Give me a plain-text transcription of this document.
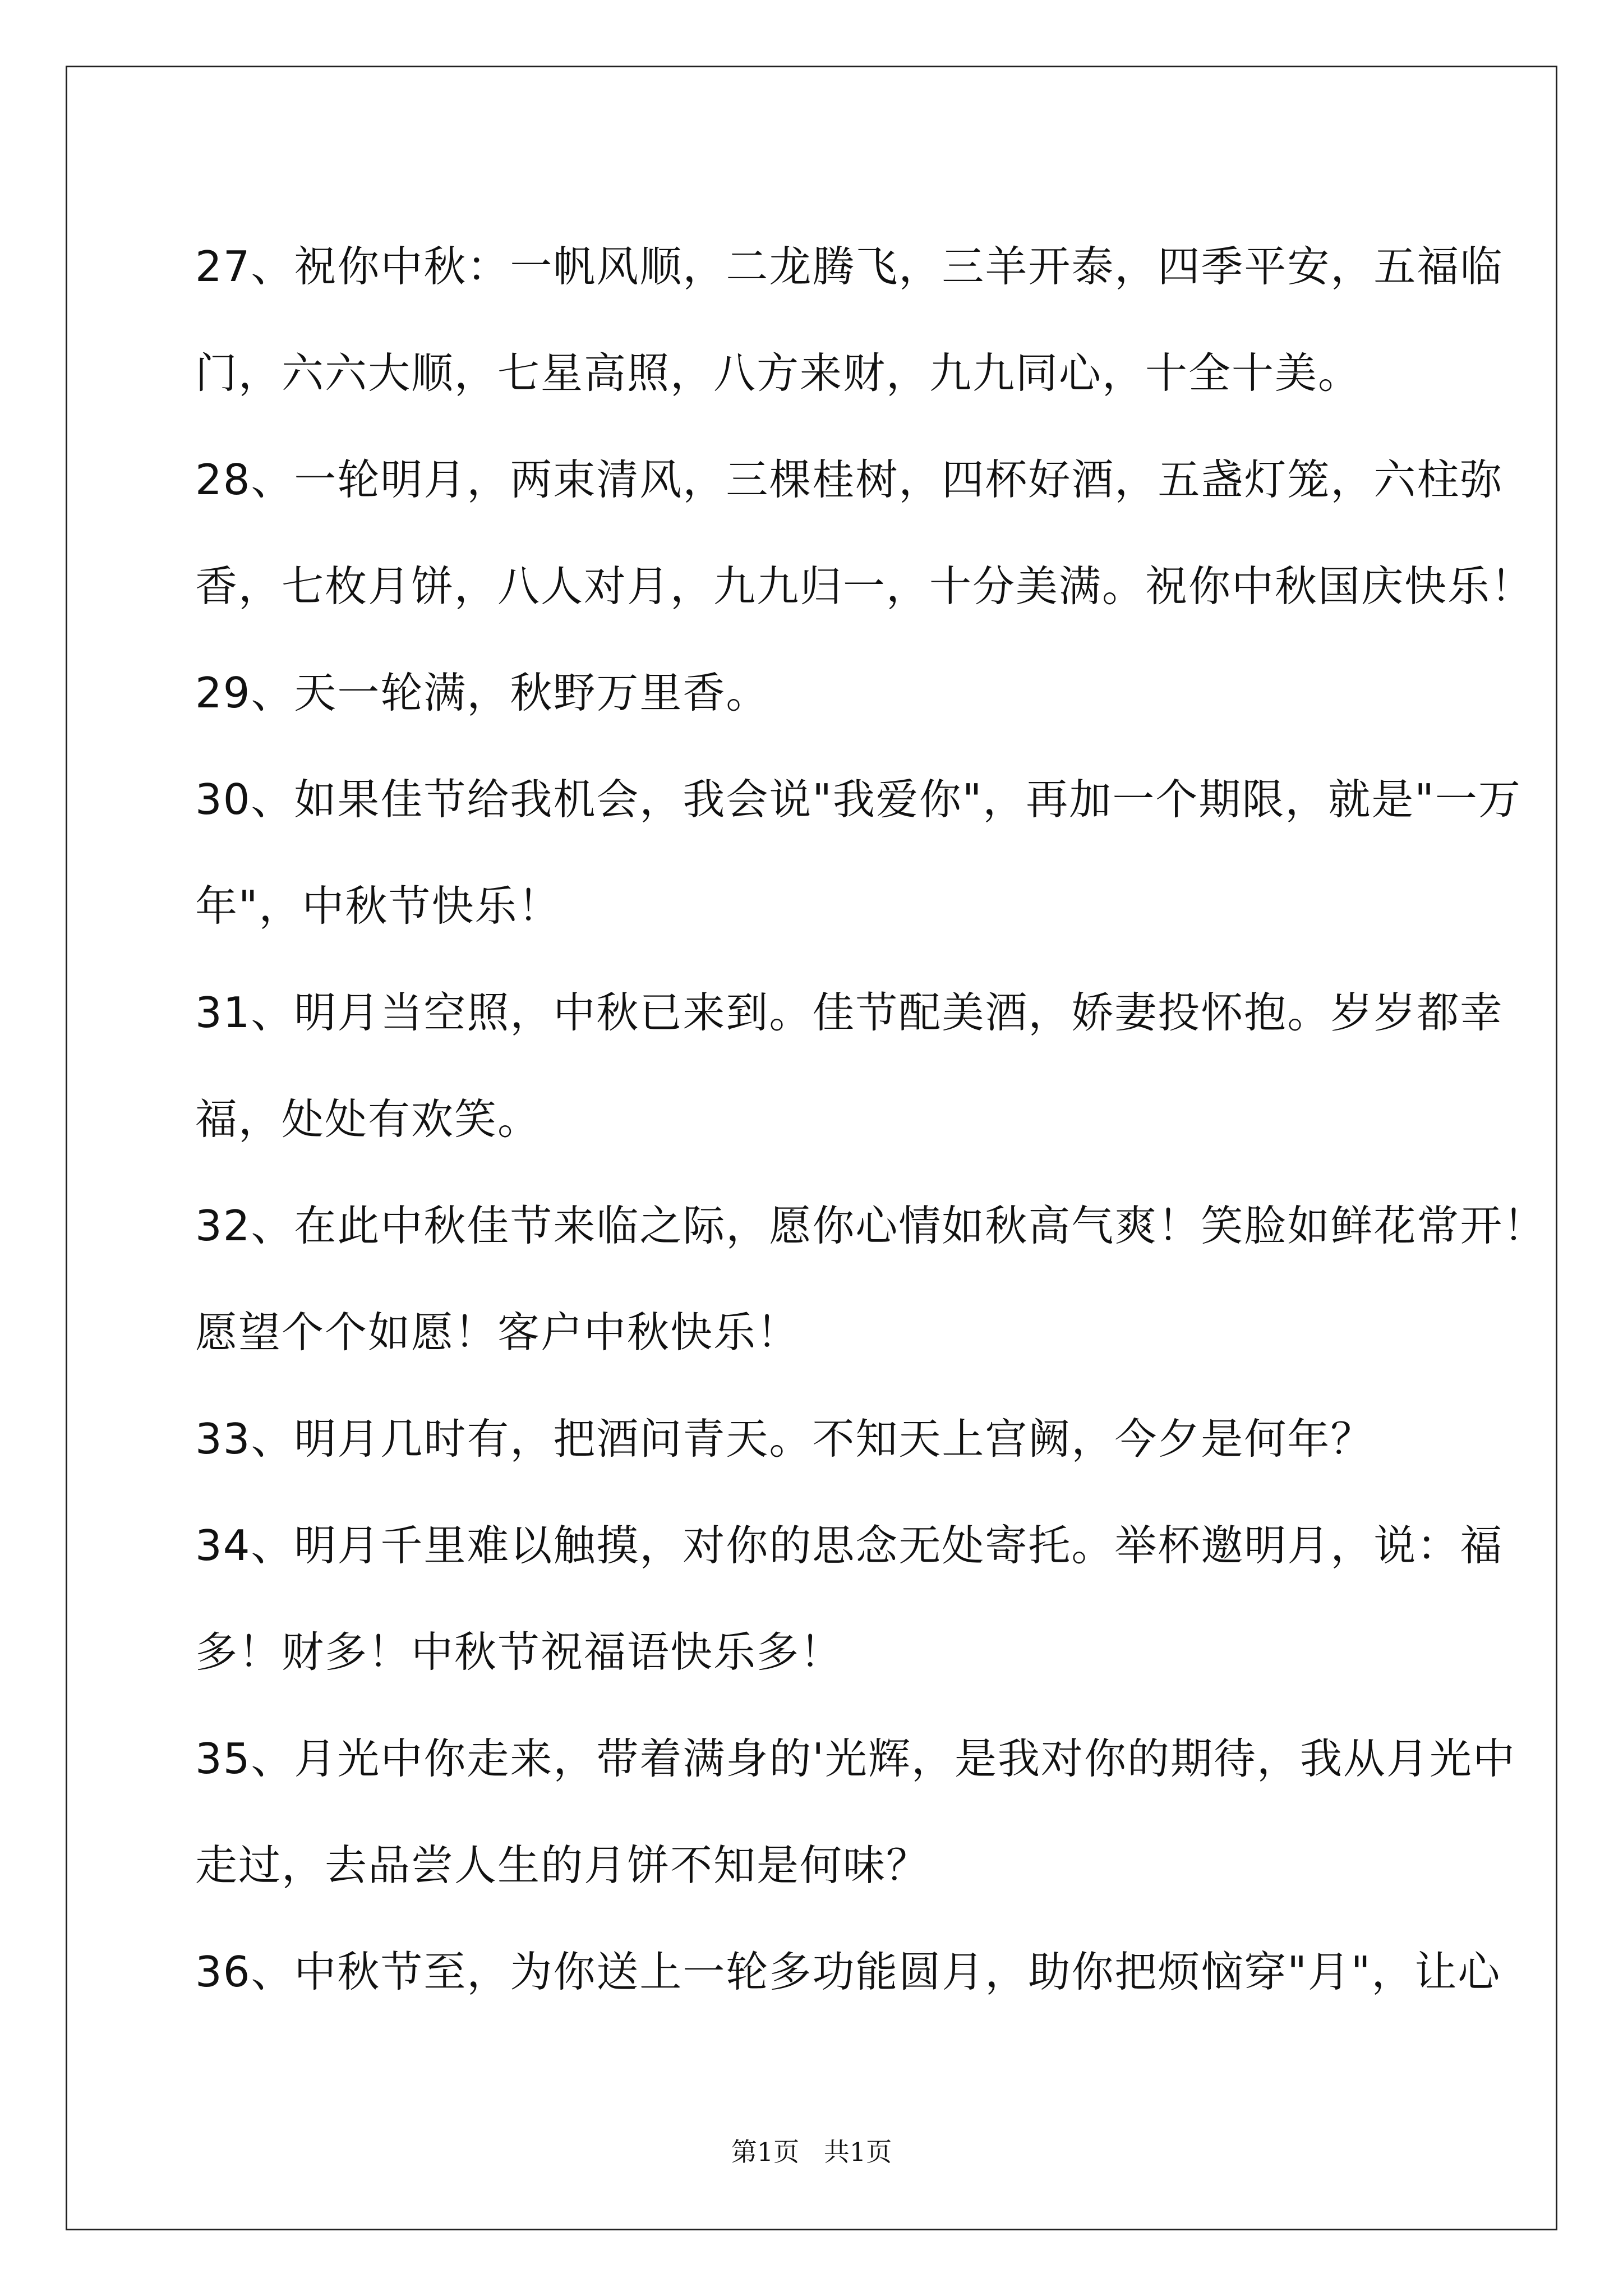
27、祝你中秋：一帆风顺，二龙腾飞，三羊开泰，四季平安，五福临
门，六六大顺，七星高照，八方来财，九九同心，十全十美。
28、一轮明月，两束清风，三棵桂树，四杯好酒，五盏灯笼，六柱弥
香，七枚月饼，八人对月，九九归一，十分美满。祝你中秋国庆快乐！
29、天一轮满，秋野万里香。
30、如果佳节给我机会，我会说"我爱你"，再加一个期限，就是"一万
年"，中秋节快乐！
31、明月当空照，中秋已来到。佳节配美酒，娇妻投怀抱。岁岁都幸
福，处处有欢笑。
32、在此中秋佳节来临之际，愿你心情如秋高气爽！笑脸如鲜花常开！
愿望个个如愿！客户中秋快乐！
33、明月几时有，把酒问青天。不知天上宫阙，今夕是何年？
34、明月千里难以触摸，对你的思念无处寄托。举杯邀明月，说：福
多！财多！中秋节祝福语快乐多！
35、月光中你走来，带着满身的'光辉，是我对你的期待，我从月光中
走过，去品尝人生的月饼不知是何味？
36、中秋节至，为你送上一轮多功能圆月，助你把烦恼穿"月"，让心
第1页   共1页
